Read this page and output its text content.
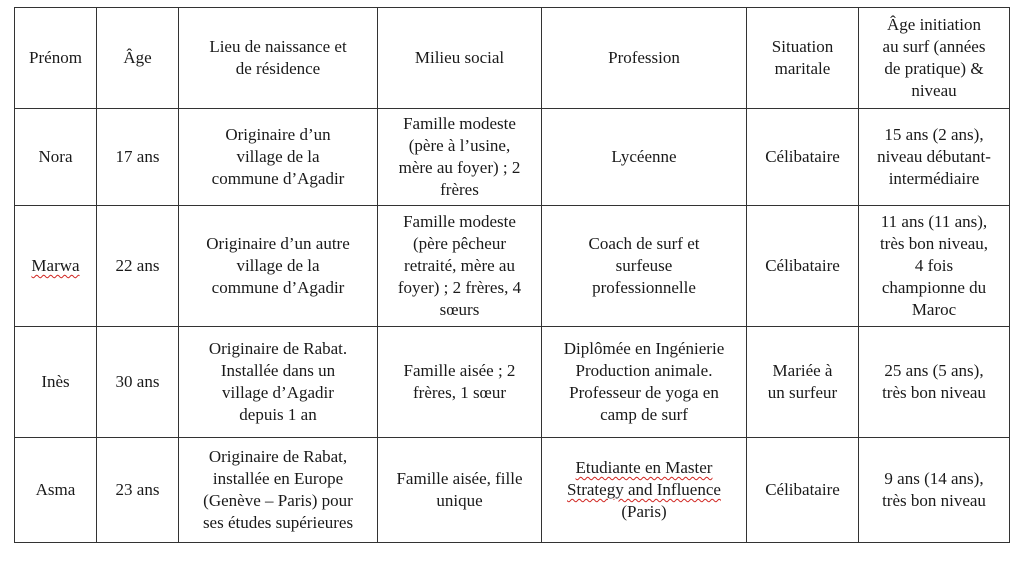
Prénom	Âge	Lieu de naissance et
de résidence	Milieu social	Profession	Situation
maritale	Âge initiation
au surf (années
de pratique) &
niveau

Nora	17 ans	Originaire d’un
village de la
commune d’Agadir	Famille modeste
(père à l’usine,
mère au foyer) ; 2
frères	Lycéenne	Célibataire	15 ans (2 ans),
niveau débutant-
intermédiaire

Marwa	22 ans	Originaire d’un autre
village de la
commune d’Agadir	Famille modeste
(père pêcheur
retraité, mère au
foyer) ; 2 frères, 4
sœurs	Coach de surf et
surfeuse
professionnelle	Célibataire	11 ans (11 ans),
très bon niveau,
4 fois
championne du
Maroc

Inès	30 ans	Originaire de Rabat.
Installée dans un
village d’Agadir
depuis 1 an	Famille aisée ; 2
frères, 1 sœur	Diplômée en Ingénierie
Production animale.
Professeur de yoga en
camp de surf	Mariée à
un surfeur	25 ans (5 ans),
très bon niveau

Asma	23 ans	Originaire de Rabat,
installée en Europe
(Genève – Paris) pour
ses études supérieures	Famille aisée, fille
unique	Etudiante en Master
Strategy and Influence
(Paris)	Célibataire	9 ans (14 ans),
très bon niveau
